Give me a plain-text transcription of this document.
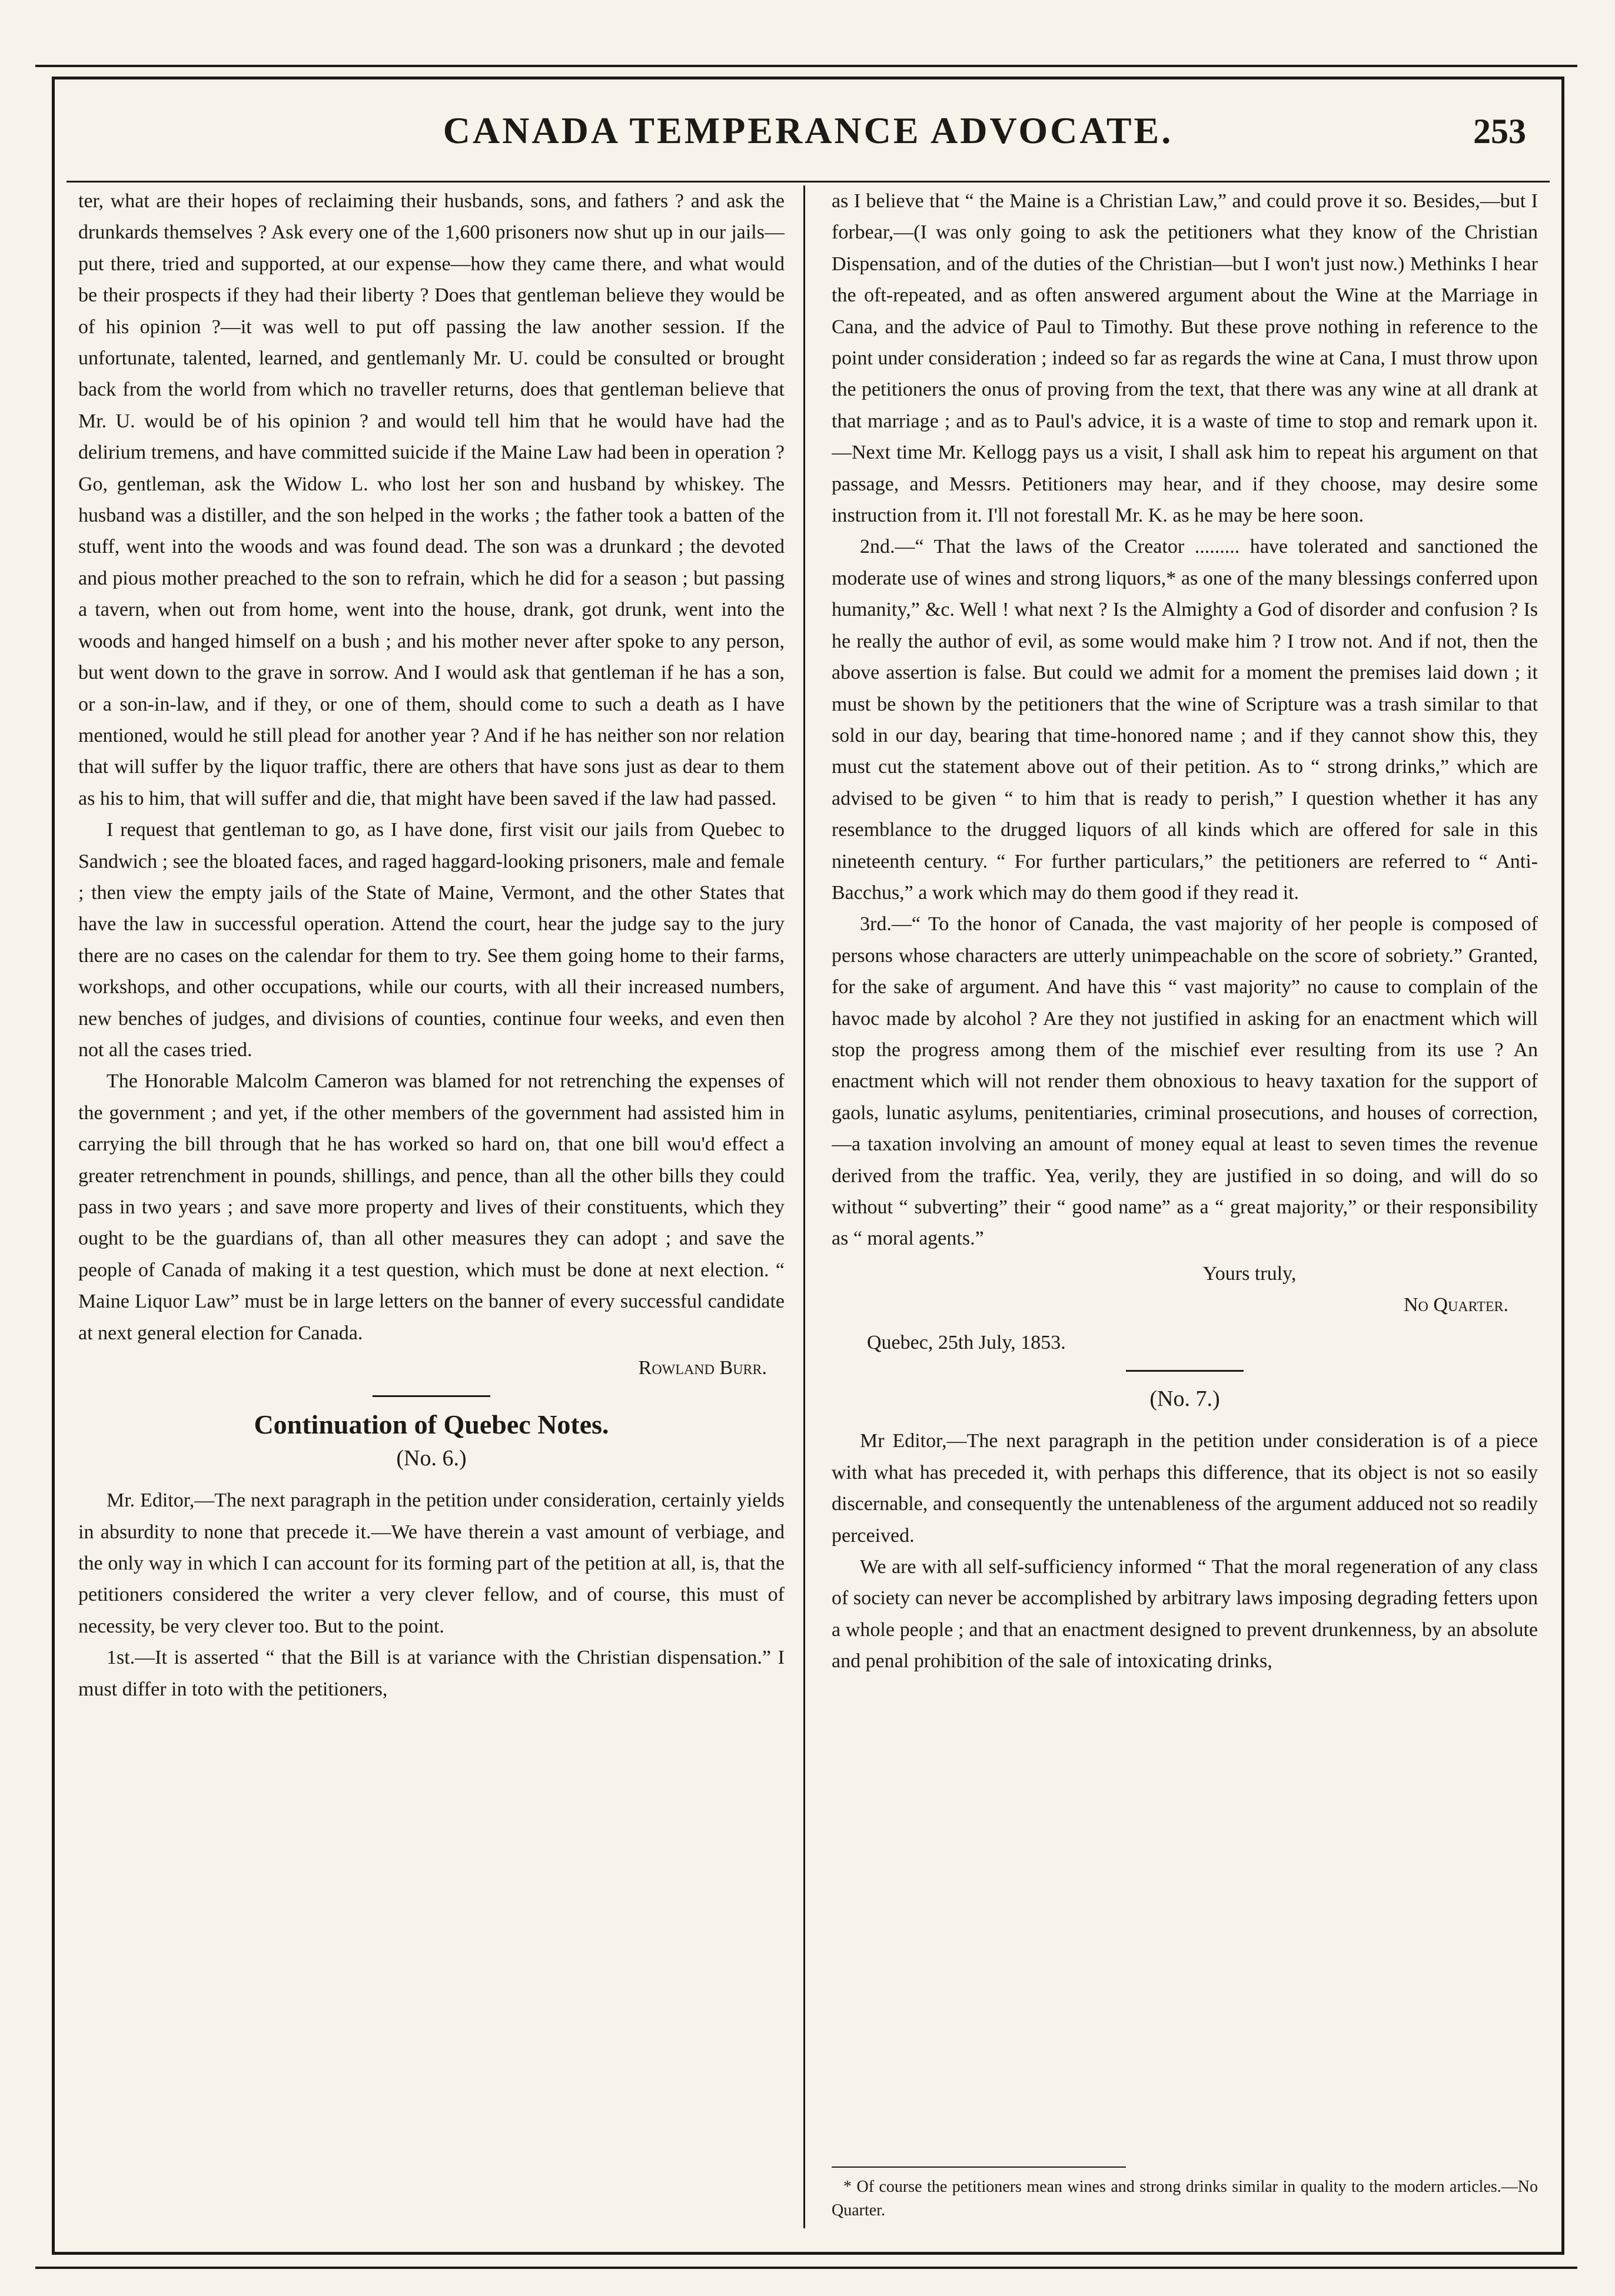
CANADA TEMPERANCE ADVOCATE.	253

ter, what are their hopes of reclaiming their husbands, sons, and fathers ? and ask the drunkards themselves ? Ask every one of the 1,600 prisoners now shut up in our jails—put there, tried and supported, at our expense—how they came there, and what would be their prospects if they had their liberty ? Does that gentleman believe they would be of his opinion ?—it was well to put off passing the law another session. If the unfortunate, talented, learned, and gentlemanly Mr. U. could be consulted or brought back from the world from which no traveller returns, does that gentleman believe that Mr. U. would be of his opinion ? and would tell him that he would have had the delirium tremens, and have committed suicide if the Maine Law had been in operation ? Go, gentleman, ask the Widow L. who lost her son and husband by whiskey. The husband was a distiller, and the son helped in the works ; the father took a batten of the stuff, went into the woods and was found dead. The son was a drunkard ; the devoted and pious mother preached to the son to refrain, which he did for a season ; but passing a tavern, when out from home, went into the house, drank, got drunk, went into the woods and hanged himself on a bush ; and his mother never after spoke to any person, but went down to the grave in sorrow. And I would ask that gentleman if he has a son, or a son-in-law, and if they, or one of them, should come to such a death as I have mentioned, would he still plead for another year ? And if he has neither son nor relation that will suffer by the liquor traffic, there are others that have sons just as dear to them as his to him, that will suffer and die, that might have been saved if the law had passed.

I request that gentleman to go, as I have done, first visit our jails from Quebec to Sandwich ; see the bloated faces, and raged haggard-looking prisoners, male and female ; then view the empty jails of the State of Maine, Vermont, and the other States that have the law in successful operation. Attend the court, hear the judge say to the jury there are no cases on the calendar for them to try. See them going home to their farms, workshops, and other occupations, while our courts, with all their increased numbers, new benches of judges, and divisions of counties, continue four weeks, and even then not all the cases tried.

The Honorable Malcolm Cameron was blamed for not retrenching the expenses of the government ; and yet, if the other members of the government had assisted him in carrying the bill through that he has worked so hard on, that one bill wou'd effect a greater retrenchment in pounds, shillings, and pence, than all the other bills they could pass in two years ; and save more property and lives of their constituents, which they ought to be the guardians of, than all other measures they can adopt ; and save the people of Canada of making it a test question, which must be done at next election. “ Maine Liquor Law” must be in large letters on the banner of every successful candidate at next general election for Canada.

Rowland Burr.
Continuation of Quebec Notes.
(No. 6.)

Mr. Editor,—The next paragraph in the petition under consideration, certainly yields in absurdity to none that precede it.—We have therein a vast amount of verbiage, and the only way in which I can account for its forming part of the petition at all, is, that the petitioners considered the writer a very clever fellow, and of course, this must of necessity, be very clever too. But to the point.

1st.—It is asserted “ that the Bill is at variance with the Christian dispensation.” I must differ in toto with the petitioners,

as I believe that “ the Maine is a Christian Law,” and could prove it so. Besides,—but I forbear,—(I was only going to ask the petitioners what they know of the Christian Dispensation, and of the duties of the Christian—but I won't just now.) Methinks I hear the oft-repeated, and as often answered argument about the Wine at the Marriage in Cana, and the advice of Paul to Timothy. But these prove nothing in reference to the point under consideration ; indeed so far as regards the wine at Cana, I must throw upon the petitioners the onus of proving from the text, that there was any wine at all drank at that marriage ; and as to Paul's advice, it is a waste of time to stop and remark upon it.—Next time Mr. Kellogg pays us a visit, I shall ask him to repeat his argument on that passage, and Messrs. Petitioners may hear, and if they choose, may desire some instruction from it. I'll not forestall Mr. K. as he may be here soon.

2nd.—“ That the laws of the Creator ......... have tolerated and sanctioned the moderate use of wines and strong liquors,* as one of the many blessings conferred upon humanity,” &c. Well ! what next ? Is the Almighty a God of disorder and confusion ? Is he really the author of evil, as some would make him ? I trow not. And if not, then the above assertion is false. But could we admit for a moment the premises laid down ; it must be shown by the petitioners that the wine of Scripture was a trash similar to that sold in our day, bearing that time-honored name ; and if they cannot show this, they must cut the statement above out of their petition. As to “ strong drinks,” which are advised to be given “ to him that is ready to perish,” I question whether it has any resemblance to the drugged liquors of all kinds which are offered for sale in this nineteenth century. “ For further particulars,” the petitioners are referred to “ Anti-Bacchus,” a work which may do them good if they read it.

3rd.—“ To the honor of Canada, the vast majority of her people is composed of persons whose characters are utterly unimpeachable on the score of sobriety.” Granted, for the sake of argument. And have this “ vast majority” no cause to complain of the havoc made by alcohol ? Are they not justified in asking for an enactment which will stop the progress among them of the mischief ever resulting from its use ? An enactment which will not render them obnoxious to heavy taxation for the support of gaols, lunatic asylums, penitentiaries, criminal prosecutions, and houses of correction,—a taxation involving an amount of money equal at least to seven times the revenue derived from the traffic. Yea, verily, they are justified in so doing, and will do so without “ subverting” their “ good name” as a “ great majority,” or their responsibility as “ moral agents.”

Yours truly,
No Quarter.

Quebec, 25th July, 1853.

(No. 7.)

Mr Editor,—The next paragraph in the petition under consideration is of a piece with what has preceded it, with perhaps this difference, that its object is not so easily discernable, and consequently the untenableness of the argument adduced not so readily perceived.

We are with all self-sufficiency informed “ That the moral regeneration of any class of society can never be accomplished by arbitrary laws imposing degrading fetters upon a whole people ; and that an enactment designed to prevent drunkenness, by an absolute and penal prohibition of the sale of intoxicating drinks,

* Of course the petitioners mean wines and strong drinks similar in quality to the modern articles.—No Quarter.
